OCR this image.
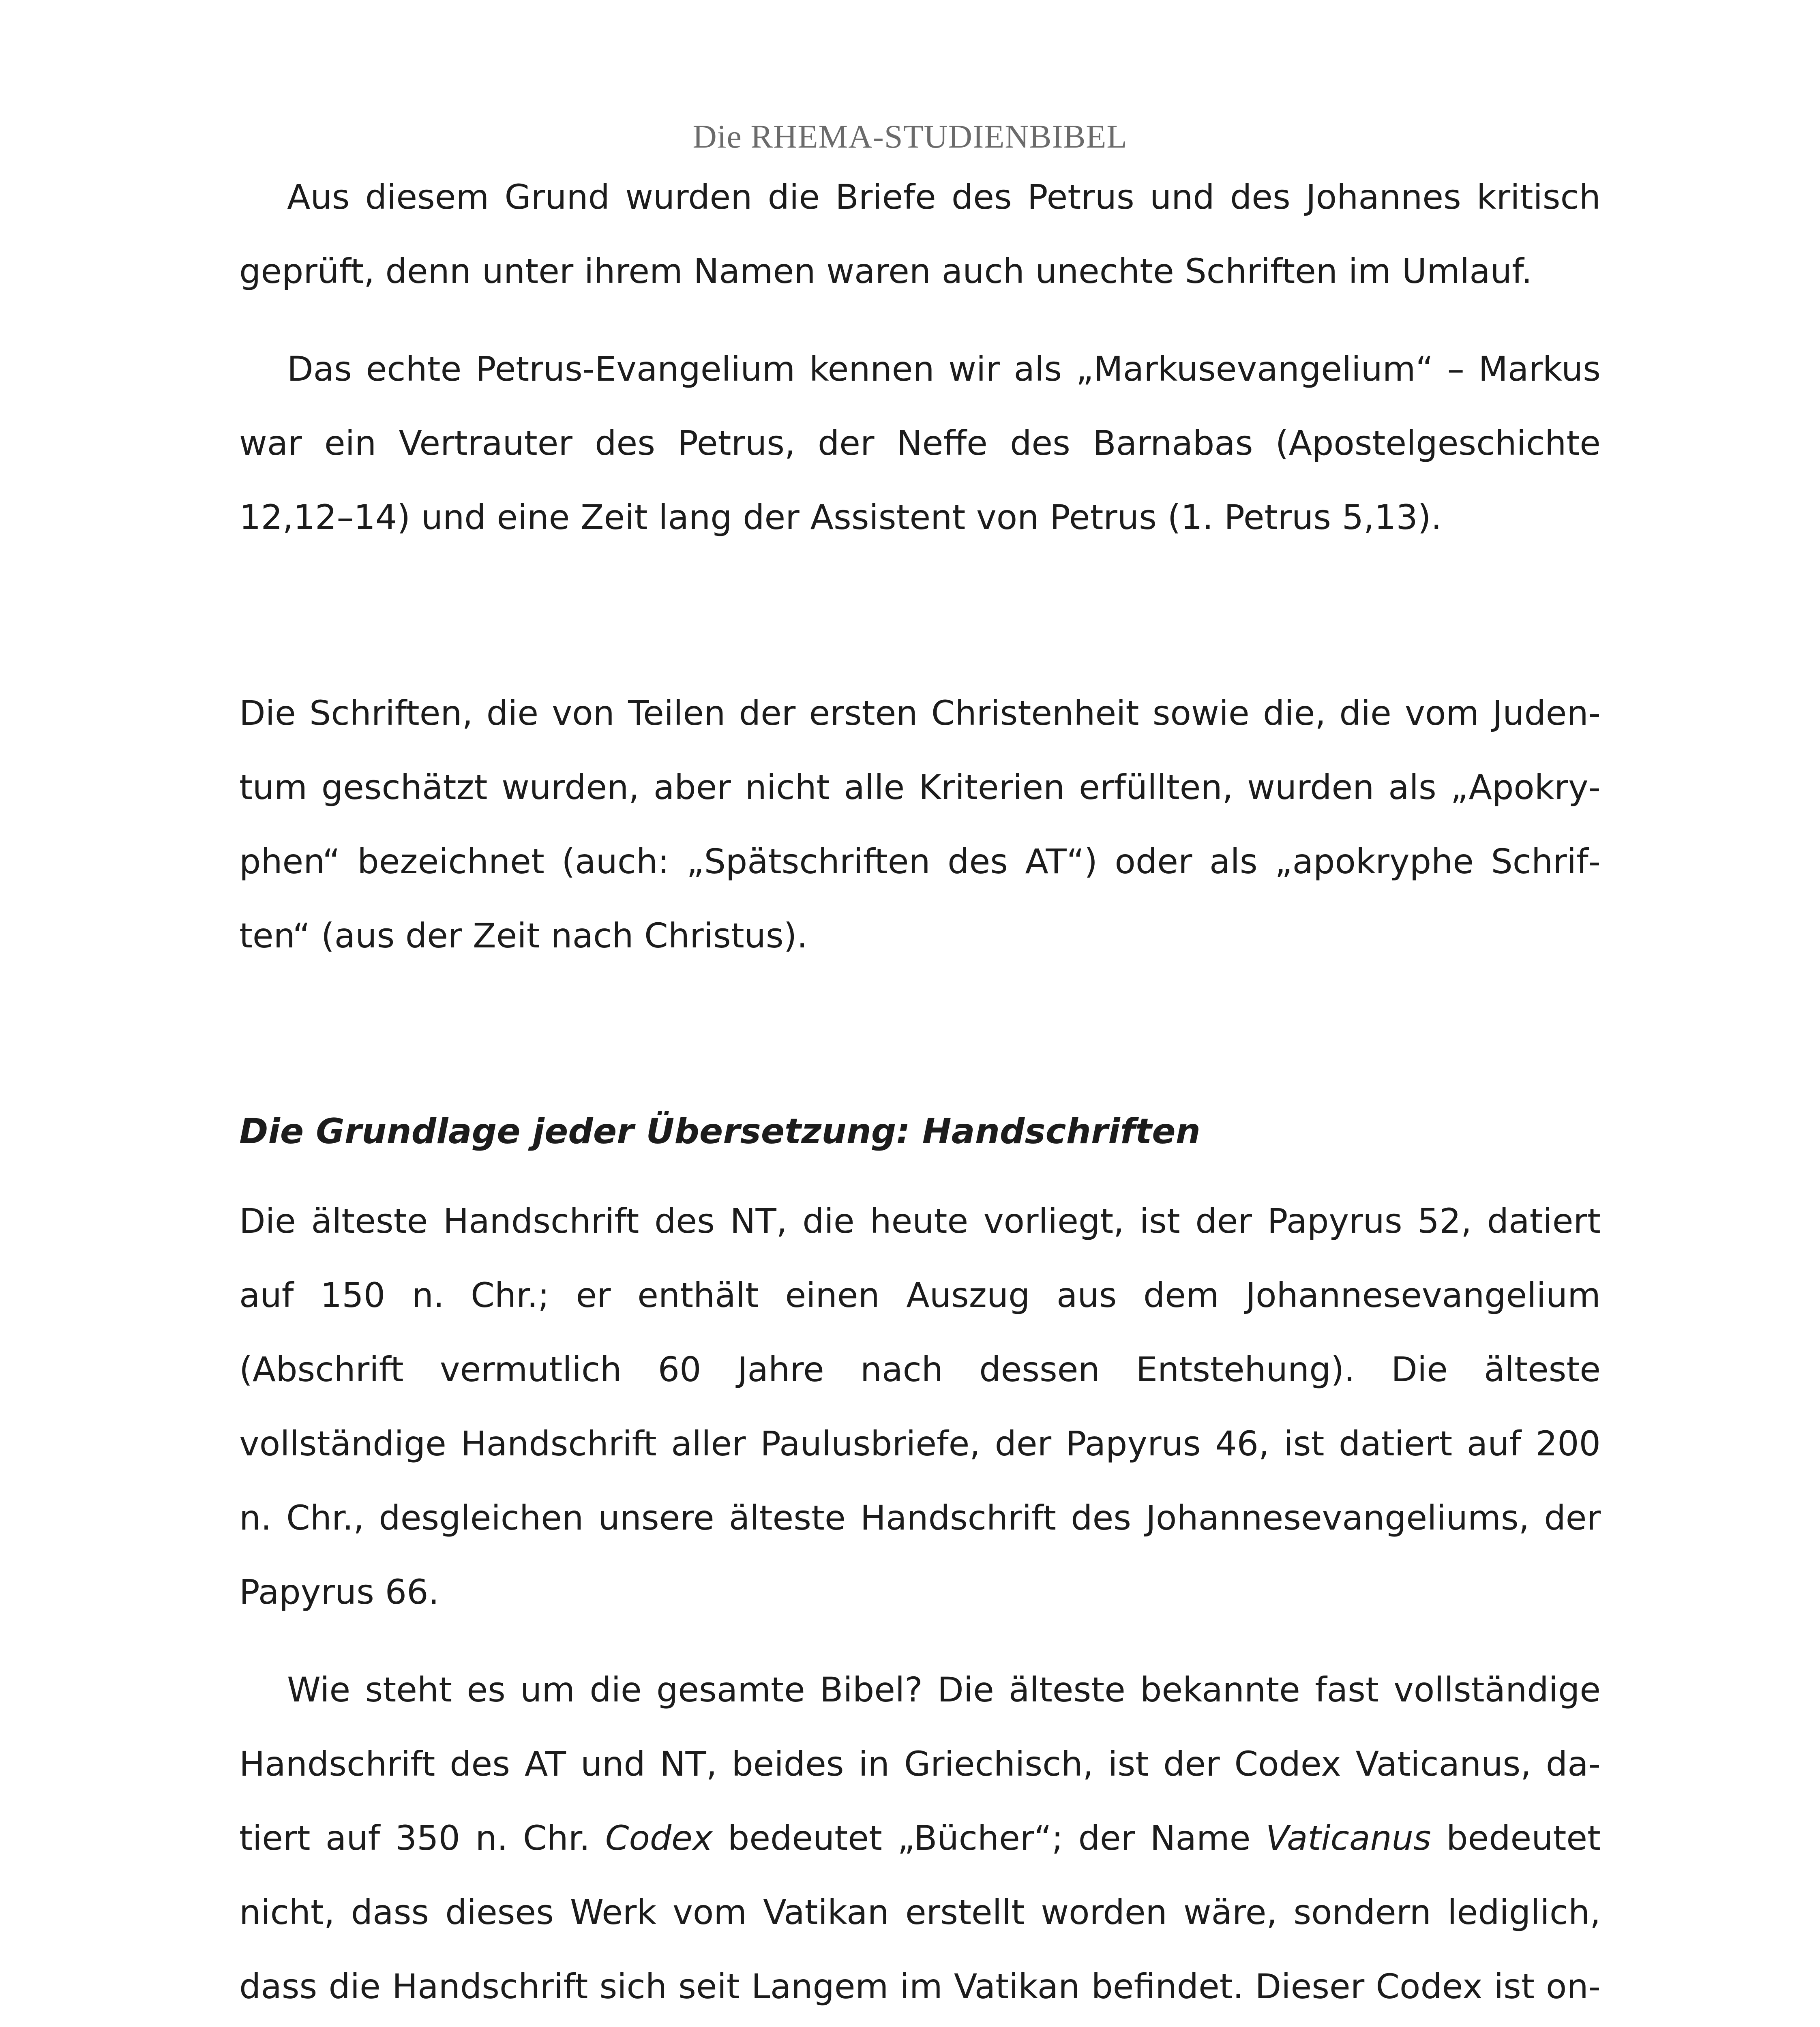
Die RHEMA-STUDIENBIBEL

Aus diesem Grund wurden die Briefe des Petrus und des Johannes kritisch geprüft, denn unter ihrem Namen waren auch unechte Schriften im Umlauf.

Das echte Petrus-Evangelium kennen wir als „Markusevangelium“ – Markus war ein Vertrauter des Petrus, der Neffe des Barnabas (Apostelgeschichte 12,12–14) und eine Zeit lang der Assistent von Petrus (1. Petrus 5,13).

Die Schriften, die von Teilen der ersten Christenheit sowie die, die vom Judentum geschätzt wurden, aber nicht alle Kriterien erfüllten, wurden als „Apokryphen“ bezeichnet (auch: „Spätschriften des AT“) oder als „apokryphe Schriften“ (aus der Zeit nach Christus).

Die Grundlage jeder Übersetzung: Handschriften

Die älteste Handschrift des NT, die heute vorliegt, ist der Papyrus 52, datiert auf 150 n. Chr.; er enthält einen Auszug aus dem Johannesevangelium (Abschrift vermutlich 60 Jahre nach dessen Entstehung). Die älteste vollständige Handschrift aller Paulusbriefe, der Papyrus 46, ist datiert auf 200 n. Chr., desgleichen unsere älteste Handschrift des Johannesevangeliums, der Papyrus 66.

Wie steht es um die gesamte Bibel? Die älteste bekannte fast vollständige Handschrift des AT und NT, beides in Griechisch, ist der Codex Vaticanus, datiert auf 350 n. Chr. Codex bedeutet „Bücher“; der Name Vaticanus bedeutet nicht, dass dieses Werk vom Vatikan erstellt worden wäre, sondern lediglich, dass die Handschrift sich seit Langem im Vatikan befindet. Dieser Codex ist on
